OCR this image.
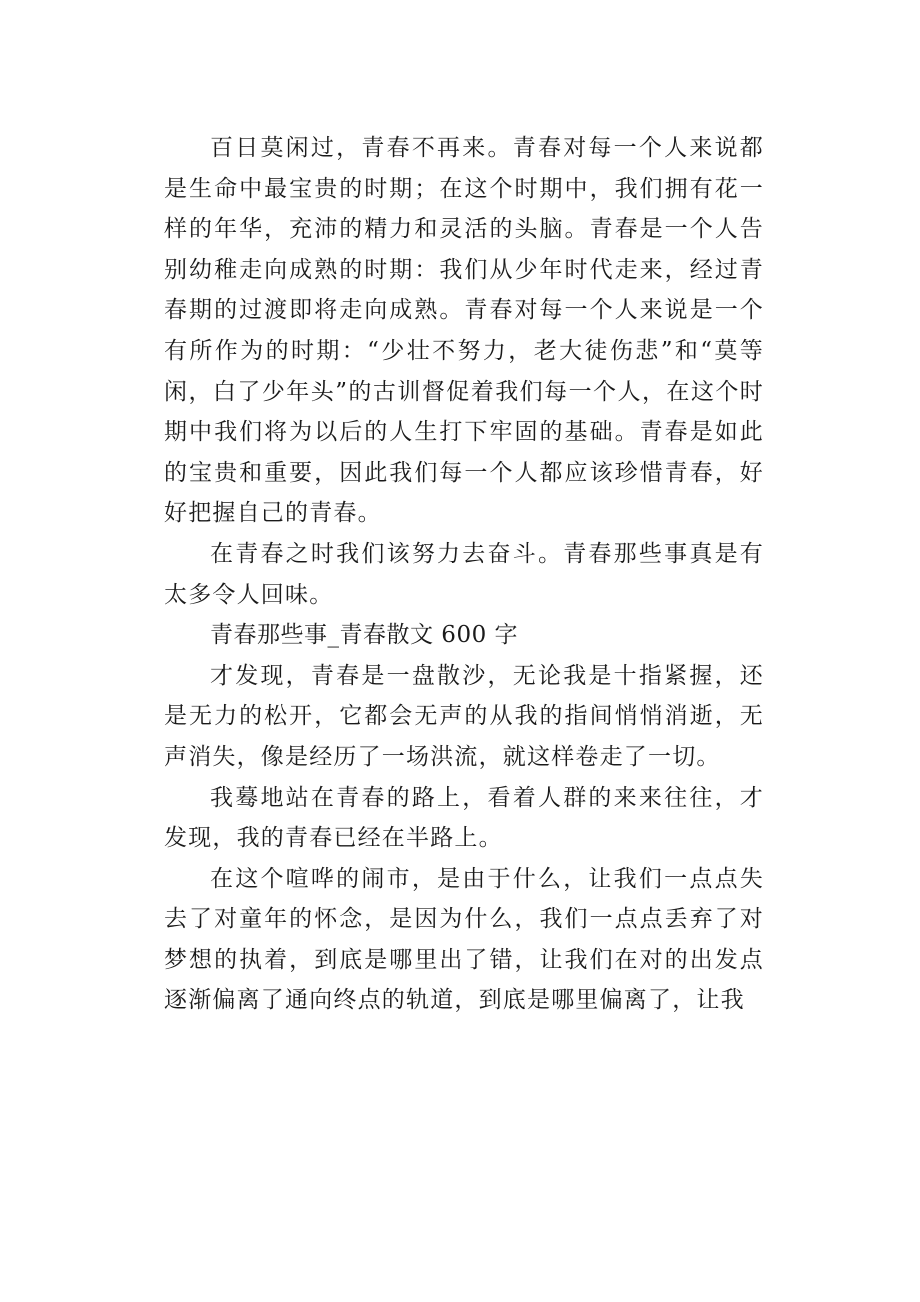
百日莫闲过，青春不再来。青春对每一个人来说都是生命中最宝贵的时期；在这个时期中，我们拥有花一样的年华，充沛的精力和灵活的头脑。青春是一个人告别幼稚走向成熟的时期：我们从少年时代走来，经过青春期的过渡即将走向成熟。青春对每一个人来说是一个有所作为的时期：“少壮不努力，老大徒伤悲”和“莫等闲，白了少年头”的古训督促着我们每一个人，在这个时期中我们将为以后的人生打下牢固的基础。青春是如此的宝贵和重要，因此我们每一个人都应该珍惜青春，好好把握自己的青春。

在青春之时我们该努力去奋斗。青春那些事真是有太多令人回味。

青春那些事_青春散文 600 字

才发现，青春是一盘散沙，无论我是十指紧握，还是无力的松开，它都会无声的从我的指间悄悄消逝，无声消失，像是经历了一场洪流，就这样卷走了一切。

我蓦地站在青春的路上，看着人群的来来往往，才发现，我的青春已经在半路上。

在这个喧哗的闹市，是由于什么，让我们一点点失去了对童年的怀念，是因为什么，我们一点点丢弃了对梦想的执着，到底是哪里出了错，让我们在对的出发点逐渐偏离了通向终点的轨道，到底是哪里偏离了，让我
